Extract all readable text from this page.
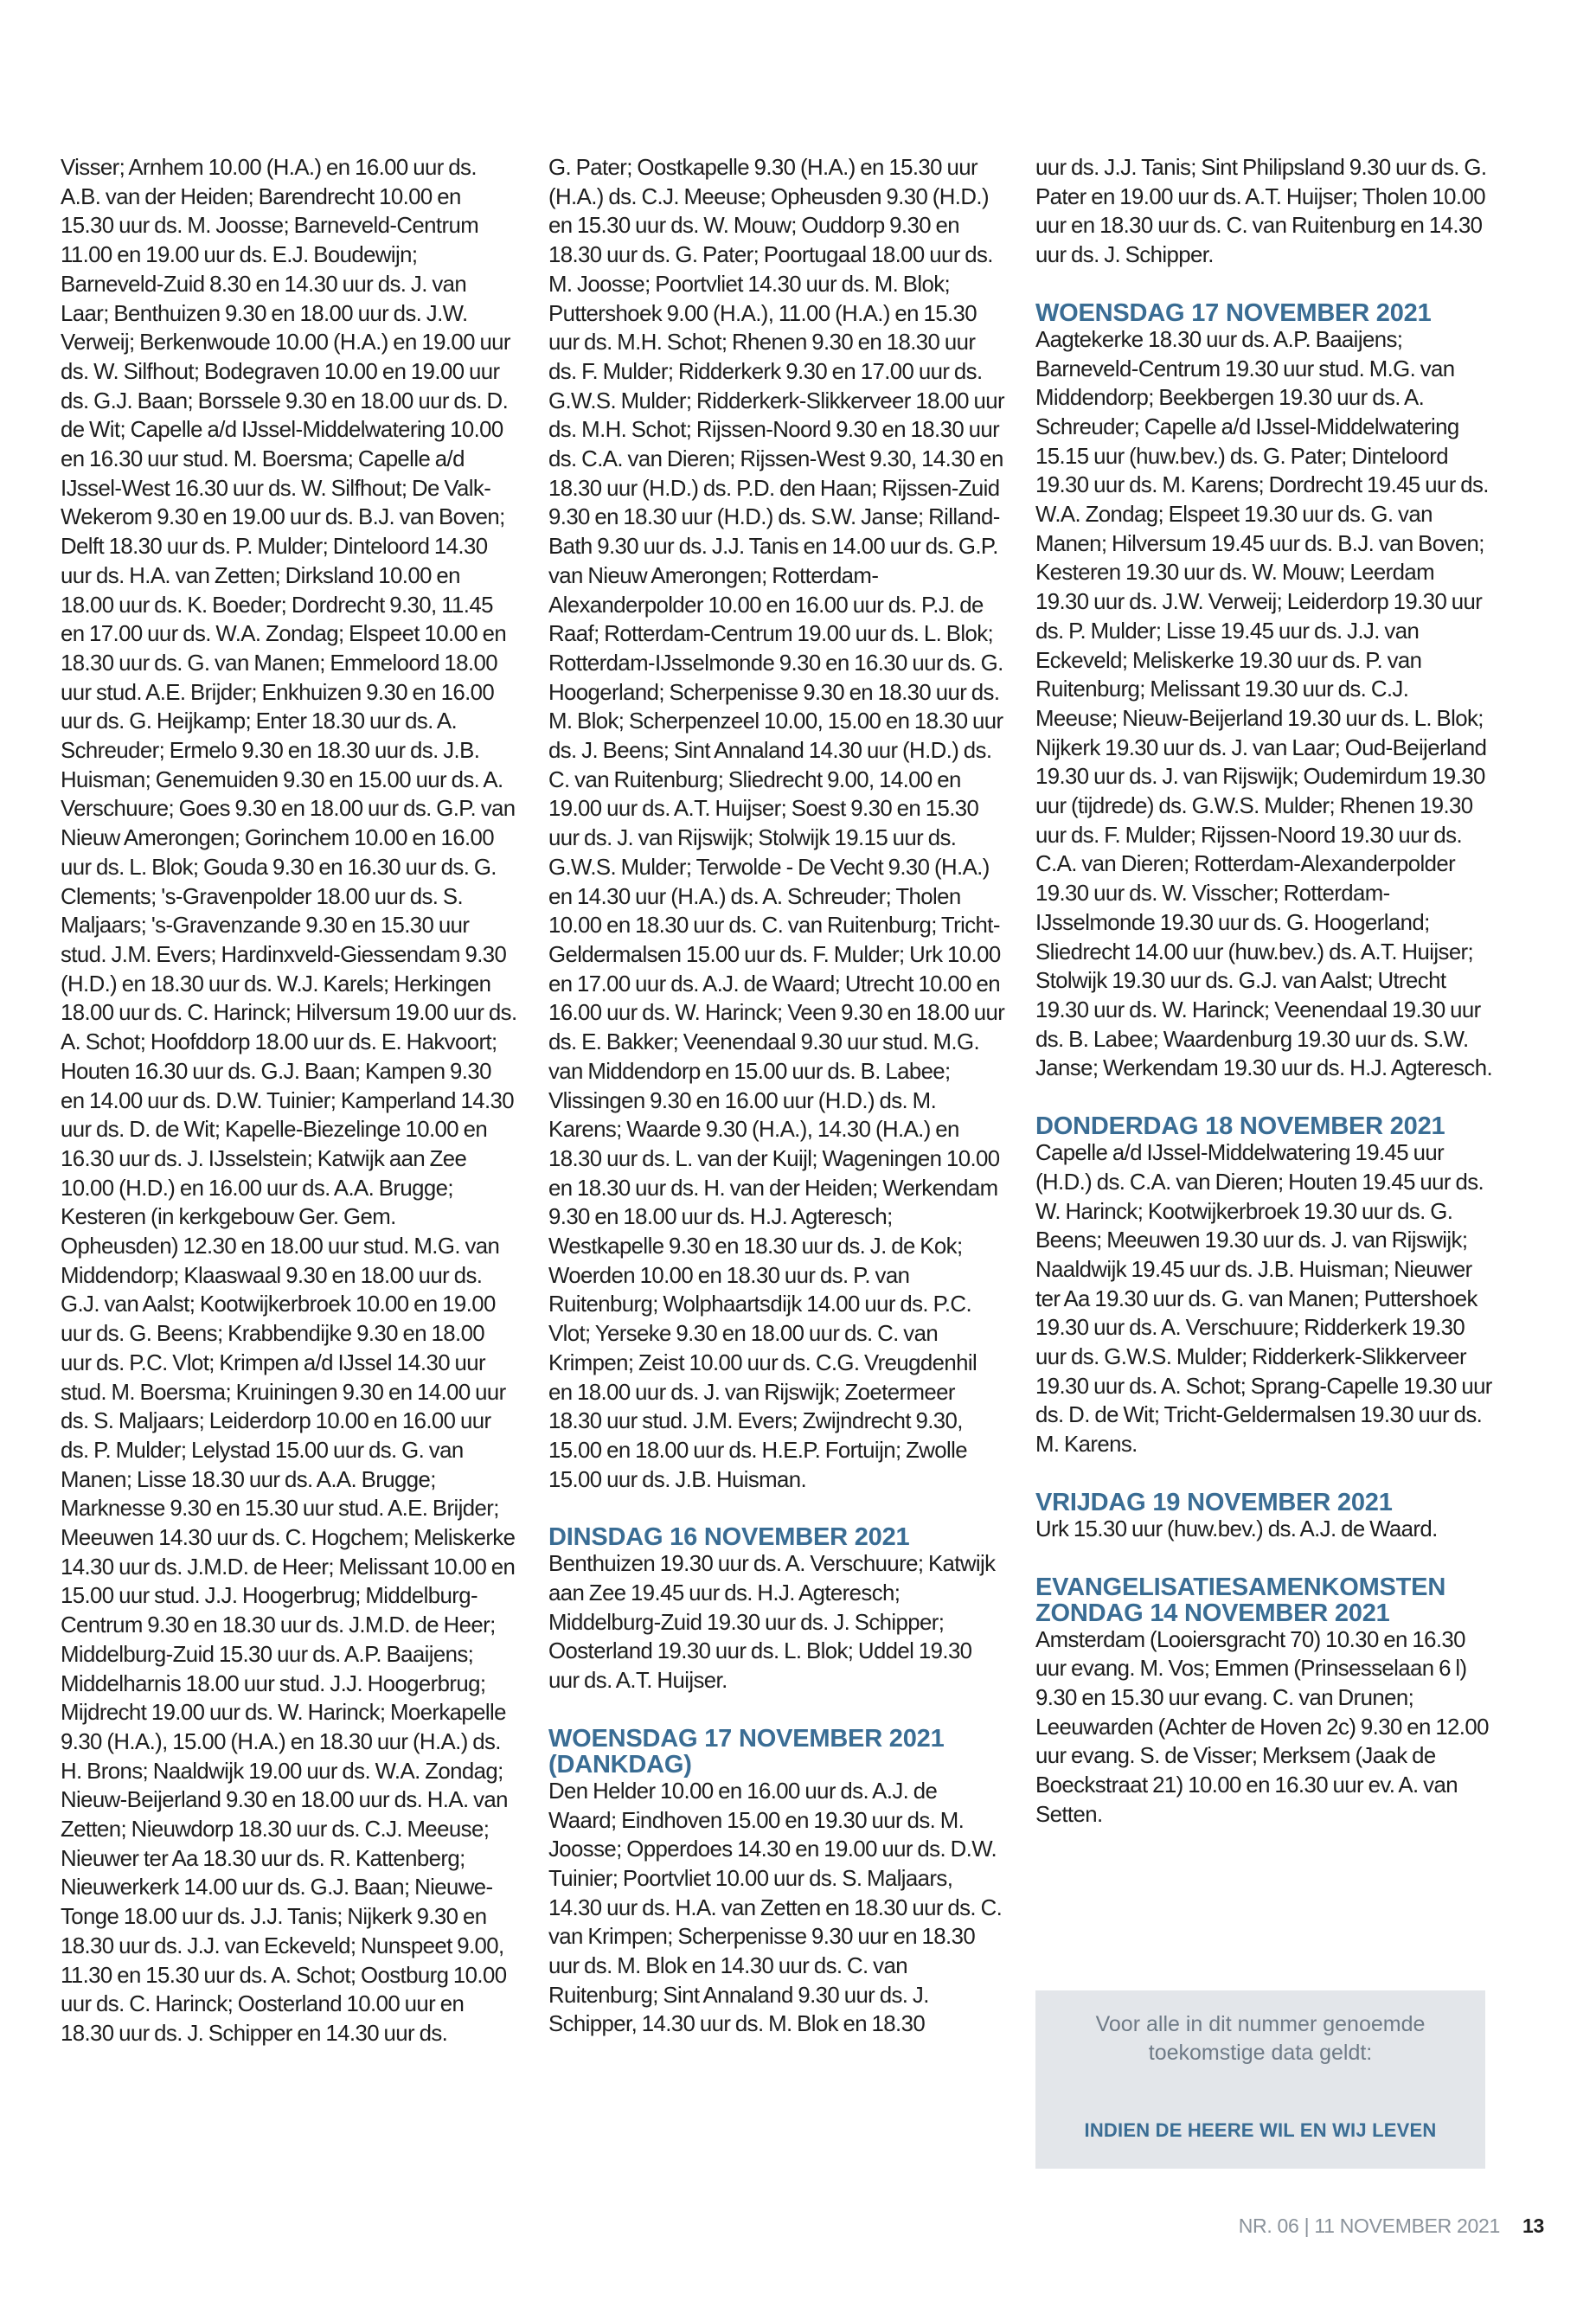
Visser; Arnhem 10.00 (H.A.) en 16.00 uur ds. A.B. van der Heiden; Barendrecht 10.00 en 15.30 uur ds. M. Joosse; Barneveld-Centrum 11.00 en 19.00 uur ds. E.J. Boudewijn; Barneveld-Zuid 8.30 en 14.30 uur ds. J. van Laar; Benthuizen 9.30 en 18.00 uur ds. J.W. Verweij; Berkenwoude 10.00 (H.A.) en 19.00 uur ds. W. Silfhout; Bodegraven 10.00 en 19.00 uur ds. G.J. Baan; Borssele 9.30 en 18.00 uur ds. D. de Wit; Capelle a/d IJssel-Middelwatering 10.00 en 16.30 uur stud. M. Boersma; Capelle a/d IJssel-West 16.30 uur ds. W. Silfhout; De Valk-Wekerom 9.30 en 19.00 uur ds. B.J. van Boven; Delft 18.30 uur ds. P. Mulder; Dinteloord 14.30 uur ds. H.A. van Zetten; Dirksland 10.00 en 18.00 uur ds. K. Boeder; Dordrecht 9.30, 11.45 en 17.00 uur ds. W.A. Zondag; Elspeet 10.00 en 18.30 uur ds. G. van Manen; Emmeloord 18.00 uur stud. A.E. Brijder; Enkhuizen 9.30 en 16.00 uur ds. G. Heijkamp; Enter 18.30 uur ds. A. Schreuder; Ermelo 9.30 en 18.30 uur ds. J.B. Huisman; Genemuiden 9.30 en 15.00 uur ds. A. Verschuure; Goes 9.30 en 18.00 uur ds. G.P. van Nieuw Amerongen; Gorinchem 10.00 en 16.00 uur ds. L. Blok; Gouda 9.30 en 16.30 uur ds. G. Clements; 's-Gravenpolder 18.00 uur ds. S. Maljaars; 's-Gravenzande 9.30 en 15.30 uur stud. J.M. Evers; Hardinxveld-Giessendam 9.30 (H.D.) en 18.30 uur ds. W.J. Karels; Herkingen 18.00 uur ds. C. Harinck; Hilversum 19.00 uur ds. A. Schot; Hoofddorp 18.00 uur ds. E. Hakvoort; Houten 16.30 uur ds. G.J. Baan; Kampen 9.30 en 14.00 uur ds. D.W. Tuinier; Kamperland 14.30 uur ds. D. de Wit; Kapelle-Biezelinge 10.00 en 16.30 uur ds. J. IJsselstein; Katwijk aan Zee 10.00 (H.D.) en 16.00 uur ds. A.A. Brugge; Kesteren (in kerkgebouw Ger. Gem. Opheusden) 12.30 en 18.00 uur stud. M.G. van Middendorp; Klaaswaal 9.30 en 18.00 uur ds. G.J. van Aalst; Kootwijkerbroek 10.00 en 19.00 uur ds. G. Beens; Krabbendijke 9.30 en 18.00 uur ds. P.C. Vlot; Krimpen a/d IJssel 14.30 uur stud. M. Boersma; Kruiningen 9.30 en 14.00 uur ds. S. Maljaars; Leiderdorp 10.00 en 16.00 uur ds. P. Mulder; Lelystad 15.00 uur ds. G. van Manen; Lisse 18.30 uur ds. A.A. Brugge; Marknesse 9.30 en 15.30 uur stud. A.E. Brijder; Meeuwen 14.30 uur ds. C. Hogchem; Meliskerke 14.30 uur ds. J.M.D. de Heer; Melissant 10.00 en 15.00 uur stud. J.J. Hoogerbrug; Middelburg-Centrum 9.30 en 18.30 uur ds. J.M.D. de Heer; Middelburg-Zuid 15.30 uur ds. A.P. Baaijens; Middelharnis 18.00 uur stud. J.J. Hoogerbrug; Mijdrecht 19.00 uur ds. W. Harinck; Moerkapelle 9.30 (H.A.), 15.00 (H.A.) en 18.30 uur (H.A.) ds. H. Brons; Naaldwijk 19.00 uur ds. W.A. Zondag; Nieuw-Beijerland 9.30 en 18.00 uur ds. H.A. van Zetten; Nieuwdorp 18.30 uur ds. C.J. Meeuse; Nieuwer ter Aa 18.30 uur ds. R. Kattenberg; Nieuwerkerk 14.00 uur ds. G.J. Baan; Nieuwe-Tonge 18.00 uur ds. J.J. Tanis; Nijkerk 9.30 en 18.30 uur ds. J.J. van Eckeveld; Nunspeet 9.00, 11.30 en 15.30 uur ds. A. Schot; Oostburg 10.00 uur ds. C. Harinck; Oosterland 10.00 uur en 18.30 uur ds. J. Schipper en 14.30 uur ds.

G. Pater; Oostkapelle 9.30 (H.A.) en 15.30 uur (H.A.) ds. C.J. Meeuse; Opheusden 9.30 (H.D.) en 15.30 uur ds. W. Mouw; Ouddorp 9.30 en 18.30 uur ds. G. Pater; Poortugaal 18.00 uur ds. M. Joosse; Poortvliet 14.30 uur ds. M. Blok; Puttershoek 9.00 (H.A.), 11.00 (H.A.) en 15.30 uur ds. M.H. Schot; Rhenen 9.30 en 18.30 uur ds. F. Mulder; Ridderkerk 9.30 en 17.00 uur ds. G.W.S. Mulder; Ridderkerk-Slikkerveer 18.00 uur ds. M.H. Schot; Rijssen-Noord 9.30 en 18.30 uur ds. C.A. van Dieren; Rijssen-West 9.30, 14.30 en 18.30 uur (H.D.) ds. P.D. den Haan; Rijssen-Zuid 9.30 en 18.30 uur (H.D.) ds. S.W. Janse; Rilland-Bath 9.30 uur ds. J.J. Tanis en 14.00 uur ds. G.P. van Nieuw Amerongen; Rotterdam-Alexanderpolder 10.00 en 16.00 uur ds. P.J. de Raaf; Rotterdam-Centrum 19.00 uur ds. L. Blok; Rotterdam-IJsselmonde 9.30 en 16.30 uur ds. G. Hoogerland; Scherpenisse 9.30 en 18.30 uur ds. M. Blok; Scherpenzeel 10.00, 15.00 en 18.30 uur ds. J. Beens; Sint Annaland 14.30 uur (H.D.) ds. C. van Ruitenburg; Sliedrecht 9.00, 14.00 en 19.00 uur ds. A.T. Huijser; Soest 9.30 en 15.30 uur ds. J. van Rijswijk; Stolwijk 19.15 uur ds. G.W.S. Mulder; Terwolde - De Vecht 9.30 (H.A.) en 14.30 uur (H.A.) ds. A. Schreuder; Tholen 10.00 en 18.30 uur ds. C. van Ruitenburg; Tricht-Geldermalsen 15.00 uur ds. F. Mulder; Urk 10.00 en 17.00 uur ds. A.J. de Waard; Utrecht 10.00 en 16.00 uur ds. W. Harinck; Veen 9.30 en 18.00 uur ds. E. Bakker; Veenendaal 9.30 uur stud. M.G. van Middendorp en 15.00 uur ds. B. Labee; Vlissingen 9.30 en 16.00 uur (H.D.) ds. M. Karens; Waarde 9.30 (H.A.), 14.30 (H.A.) en 18.30 uur ds. L. van der Kuijl; Wageningen 10.00 en 18.30 uur ds. H. van der Heiden; Werkendam 9.30 en 18.00 uur ds. H.J. Agteresch; Westkapelle 9.30 en 18.30 uur ds. J. de Kok; Woerden 10.00 en 18.30 uur ds. P. van Ruitenburg; Wolphaartsdijk 14.00 uur ds. P.C. Vlot; Yerseke 9.30 en 18.00 uur ds. C. van Krimpen; Zeist 10.00 uur ds. C.G. Vreugdenhil en 18.00 uur ds. J. van Rijswijk; Zoetermeer 18.30 uur stud. J.M. Evers; Zwijndrecht 9.30, 15.00 en 18.00 uur ds. H.E.P. Fortuijn; Zwolle 15.00 uur ds. J.B. Huisman.

DINSDAG 16 NOVEMBER 2021

Benthuizen 19.30 uur ds. A. Verschuure; Katwijk aan Zee 19.45 uur ds. H.J. Agteresch; Middelburg-Zuid 19.30 uur ds. J. Schipper; Oosterland 19.30 uur ds. L. Blok; Uddel 19.30 uur ds. A.T. Huijser.

WOENSDAG 17 NOVEMBER 2021 (DANKDAG)

Den Helder 10.00 en 16.00 uur ds. A.J. de Waard; Eindhoven 15.00 en 19.30 uur ds. M. Joosse; Opperdoes 14.30 en 19.00 uur ds. D.W. Tuinier; Poortvliet 10.00 uur ds. S. Maljaars, 14.30 uur ds. H.A. van Zetten en 18.30 uur ds. C. van Krimpen; Scherpenisse 9.30 uur en 18.30 uur ds. M. Blok en 14.30 uur ds. C. van Ruitenburg; Sint Annaland 9.30 uur ds. J. Schipper, 14.30 uur ds. M. Blok en 18.30

uur ds. J.J. Tanis; Sint Philipsland 9.30 uur ds. G. Pater en 19.00 uur ds. A.T. Huijser; Tholen 10.00 uur en 18.30 uur ds. C. van Ruitenburg en 14.30 uur ds. J. Schipper.

WOENSDAG 17 NOVEMBER 2021

Aagtekerke 18.30 uur ds. A.P. Baaijens; Barneveld-Centrum 19.30 uur stud. M.G. van Middendorp; Beekbergen 19.30 uur ds. A. Schreuder; Capelle a/d IJssel-Middelwatering 15.15 uur (huw.bev.) ds. G. Pater; Dinteloord 19.30 uur ds. M. Karens; Dordrecht 19.45 uur ds. W.A. Zondag; Elspeet 19.30 uur ds. G. van Manen; Hilversum 19.45 uur ds. B.J. van Boven; Kesteren 19.30 uur ds. W. Mouw; Leerdam 19.30 uur ds. J.W. Verweij; Leiderdorp 19.30 uur ds. P. Mulder; Lisse 19.45 uur ds. J.J. van Eckeveld; Meliskerke 19.30 uur ds. P. van Ruitenburg; Melissant 19.30 uur ds. C.J. Meeuse; Nieuw-Beijerland 19.30 uur ds. L. Blok; Nijkerk 19.30 uur ds. J. van Laar; Oud-Beijerland 19.30 uur ds. J. van Rijswijk; Oudemirdum 19.30 uur (tijdrede) ds. G.W.S. Mulder; Rhenen 19.30 uur ds. F. Mulder; Rijssen-Noord 19.30 uur ds. C.A. van Dieren; Rotterdam-Alexanderpolder 19.30 uur ds. W. Visscher; Rotterdam-IJsselmonde 19.30 uur ds. G. Hoogerland; Sliedrecht 14.00 uur (huw.bev.) ds. A.T. Huijser; Stolwijk 19.30 uur ds. G.J. van Aalst; Utrecht 19.30 uur ds. W. Harinck; Veenendaal 19.30 uur ds. B. Labee; Waardenburg 19.30 uur ds. S.W. Janse; Werkendam 19.30 uur ds. H.J. Agteresch.

DONDERDAG 18 NOVEMBER 2021

Capelle a/d IJssel-Middelwatering 19.45 uur (H.D.) ds. C.A. van Dieren; Houten 19.45 uur ds. W. Harinck; Kootwijkerbroek 19.30 uur ds. G. Beens; Meeuwen 19.30 uur ds. J. van Rijswijk; Naaldwijk 19.45 uur ds. J.B. Huisman; Nieuwer ter Aa 19.30 uur ds. G. van Manen; Puttershoek 19.30 uur ds. A. Verschuure; Ridderkerk 19.30 uur ds. G.W.S. Mulder; Ridderkerk-Slikkerveer 19.30 uur ds. A. Schot; Sprang-Capelle 19.30 uur ds. D. de Wit; Tricht-Geldermalsen 19.30 uur ds. M. Karens.

VRIJDAG 19 NOVEMBER 2021

Urk 15.30 uur (huw.bev.) ds. A.J. de Waard.

EVANGELISATIESAMENKOMSTEN ZONDAG 14 NOVEMBER 2021

Amsterdam (Looiersgracht 70) 10.30 en 16.30 uur evang. M. Vos; Emmen (Prinsesselaan 6 l) 9.30 en 15.30 uur evang. C. van Drunen; Leeuwarden (Achter de Hoven 2c) 9.30 en 12.00 uur evang. S. de Visser; Merksem (Jaak de Boeckstraat 21) 10.00 en 16.30 uur ev. A. van Setten.

Voor alle in dit nummer genoemde toekomstige data geldt:

INDIEN DE HEERE WIL EN WIJ LEVEN

NR. 06 | 11 NOVEMBER 2021 13
